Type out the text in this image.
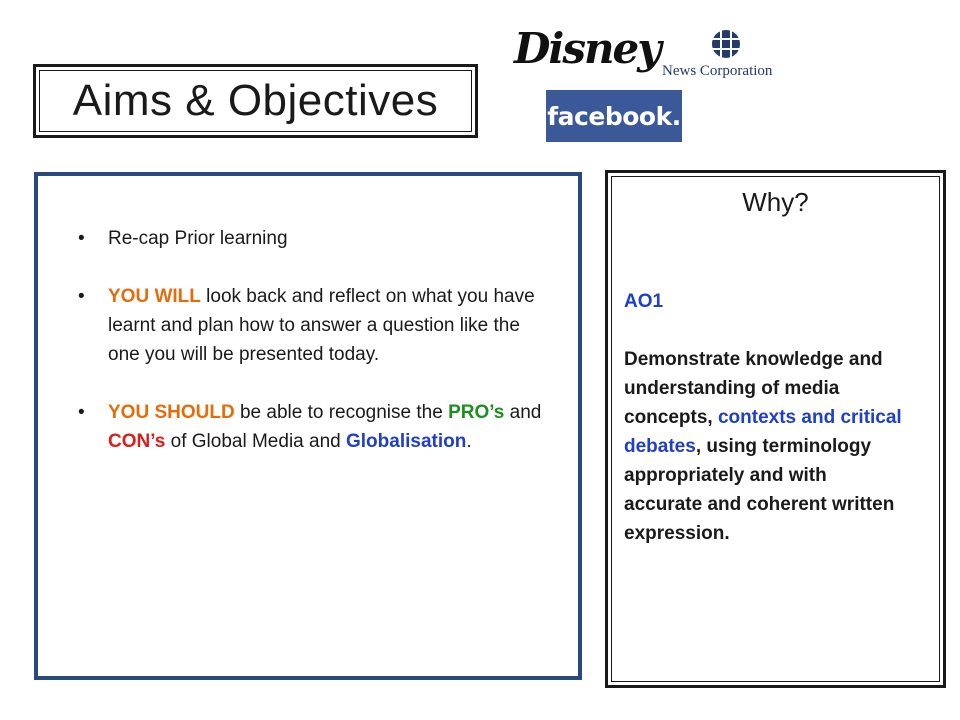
Aims & Objectives
Disney News Corporation
facebook.
• Re-cap Prior learning
• YOU WILL look back and reflect on what you have learnt and plan how to answer a question like the one you will be presented today.
• YOU SHOULD be able to recognise the PRO’s and CON’s of Global Media and Globalisation.
Why?
AO1
Demonstrate knowledge and understanding of media concepts, contexts and critical debates, using terminology appropriately and with accurate and coherent written expression.
